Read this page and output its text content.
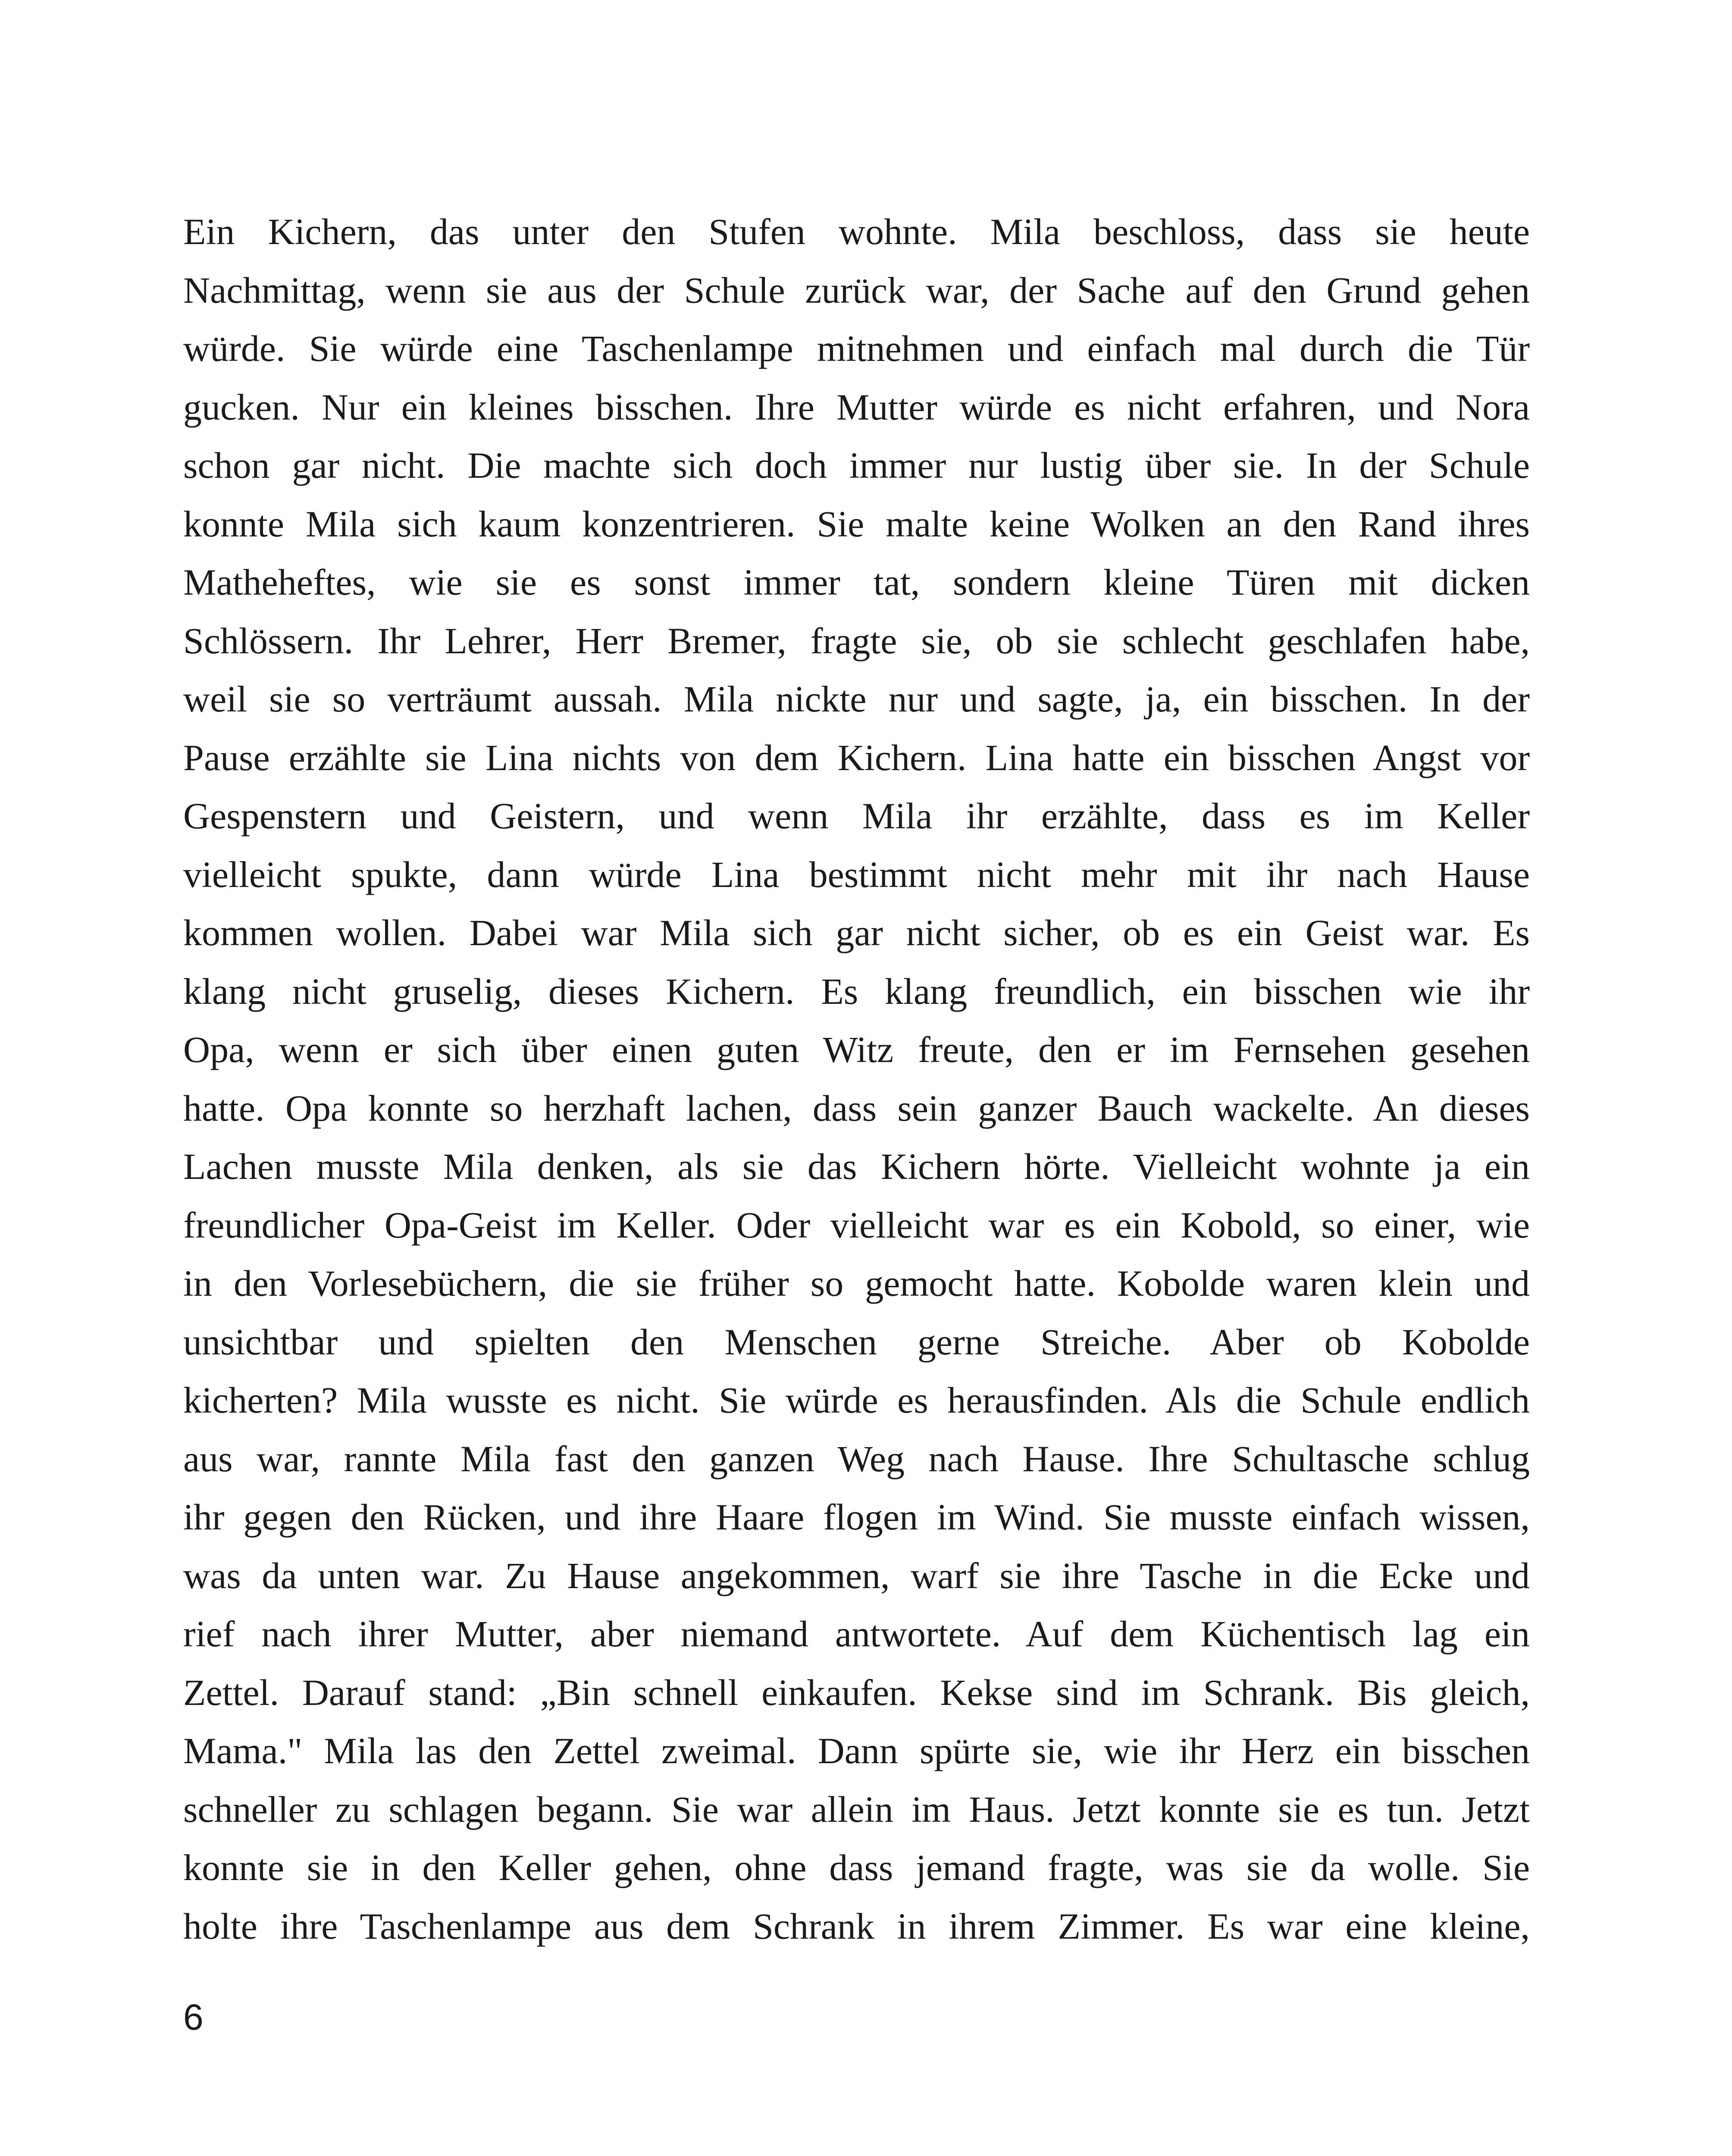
Ein Kichern, das unter den Stufen wohnte. Mila beschloss, dass sie heute
Nachmittag, wenn sie aus der Schule zurück war, der Sache auf den Grund gehen
würde. Sie würde eine Taschenlampe mitnehmen und einfach mal durch die Tür
gucken. Nur ein kleines bisschen. Ihre Mutter würde es nicht erfahren, und Nora
schon gar nicht. Die machte sich doch immer nur lustig über sie. In der Schule
konnte Mila sich kaum konzentrieren. Sie malte keine Wolken an den Rand ihres
Matheheftes, wie sie es sonst immer tat, sondern kleine Türen mit dicken
Schlössern. Ihr Lehrer, Herr Bremer, fragte sie, ob sie schlecht geschlafen habe,
weil sie so verträumt aussah. Mila nickte nur und sagte, ja, ein bisschen. In der
Pause erzählte sie Lina nichts von dem Kichern. Lina hatte ein bisschen Angst vor
Gespenstern und Geistern, und wenn Mila ihr erzählte, dass es im Keller
vielleicht spukte, dann würde Lina bestimmt nicht mehr mit ihr nach Hause
kommen wollen. Dabei war Mila sich gar nicht sicher, ob es ein Geist war. Es
klang nicht gruselig, dieses Kichern. Es klang freundlich, ein bisschen wie ihr
Opa, wenn er sich über einen guten Witz freute, den er im Fernsehen gesehen
hatte. Opa konnte so herzhaft lachen, dass sein ganzer Bauch wackelte. An dieses
Lachen musste Mila denken, als sie das Kichern hörte. Vielleicht wohnte ja ein
freundlicher Opa-Geist im Keller. Oder vielleicht war es ein Kobold, so einer, wie
in den Vorlesebüchern, die sie früher so gemocht hatte. Kobolde waren klein und
unsichtbar und spielten den Menschen gerne Streiche. Aber ob Kobolde
kicherten? Mila wusste es nicht. Sie würde es herausfinden. Als die Schule endlich
aus war, rannte Mila fast den ganzen Weg nach Hause. Ihre Schultasche schlug
ihr gegen den Rücken, und ihre Haare flogen im Wind. Sie musste einfach wissen,
was da unten war. Zu Hause angekommen, warf sie ihre Tasche in die Ecke und
rief nach ihrer Mutter, aber niemand antwortete. Auf dem Küchentisch lag ein
Zettel. Darauf stand: „Bin schnell einkaufen. Kekse sind im Schrank. Bis gleich,
Mama." Mila las den Zettel zweimal. Dann spürte sie, wie ihr Herz ein bisschen
schneller zu schlagen begann. Sie war allein im Haus. Jetzt konnte sie es tun. Jetzt
konnte sie in den Keller gehen, ohne dass jemand fragte, was sie da wolle. Sie
holte ihre Taschenlampe aus dem Schrank in ihrem Zimmer. Es war eine kleine,

6
